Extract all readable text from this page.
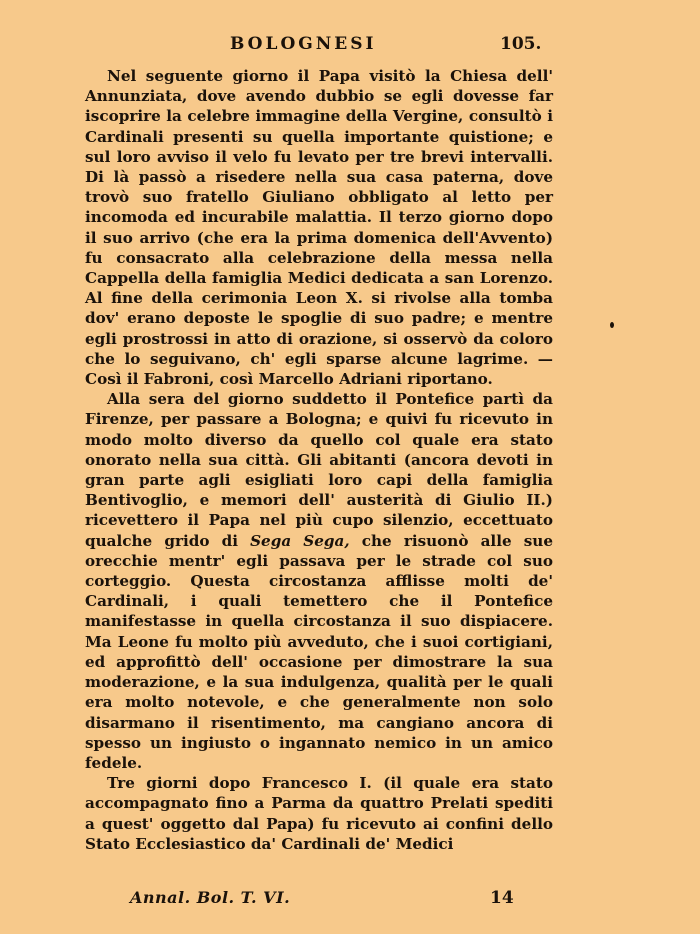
BOLOGNESI	105.

Nel seguente giorno il Papa visitò la Chiesa dell' Annunziata, dove avendo dubbio se egli dovesse far iscoprire la celebre immagine della Vergine, consultò i Cardinali presenti su quella importante quistione; e sul loro avviso il velo fu levato per tre brevi intervalli. Di là passò a risedere nella sua casa paterna, dove trovò suo fratello Giuliano obbligato al letto per incomoda ed incurabile malattia. Il terzo giorno dopo il suo arrivo (che era la prima domenica dell'Avvento) fu consacrato alla celebrazione della messa nella Cappella della famiglia Medici dedicata a san Lorenzo. Al fine della cerimonia Leon X. si rivolse alla tomba dov' erano deposte le spoglie di suo padre; e mentre egli prostrossi in atto di orazione, si osservò da coloro che lo seguivano, ch' egli sparse alcune lagrime. — Così il Fabroni, così Marcello Adriani riportano.

Alla sera del giorno suddetto il Pontefice partì da Firenze, per passare a Bologna; e quivi fu ricevuto in modo molto diverso da quello col quale era stato onorato nella sua città. Gli abitanti (ancora devoti in gran parte agli esigliati loro capi della famiglia Bentivoglio, e memori dell' austerità di Giulio II.) ricevettero il Papa nel più cupo silenzio, eccettuato qualche grido di Sega Sega, che risuonò alle sue orecchie mentr' egli passava per le strade col suo corteggio. Questa circostanza afflisse molti de' Cardinali, i quali temettero che il Pontefice manifestasse in quella circostanza il suo dispiacere. Ma Leone fu molto più avveduto, che i suoi cortigiani, ed approfittò dell' occasione per dimostrare la sua moderazione, e la sua indulgenza, qualità per le quali era molto notevole, e che generalmente non solo disarmano il risentimento, ma cangiano ancora di spesso un ingiusto o ingannato nemico in un amico fedele.

Tre giorni dopo Francesco I. (il quale era stato accompagnato fino a Parma da quattro Prelati spediti a quest' oggetto dal Papa) fu ricevuto ai confini dello Stato Ecclesiastico da' Cardinali de' Medici

Annal. Bol. T. VI.	14
